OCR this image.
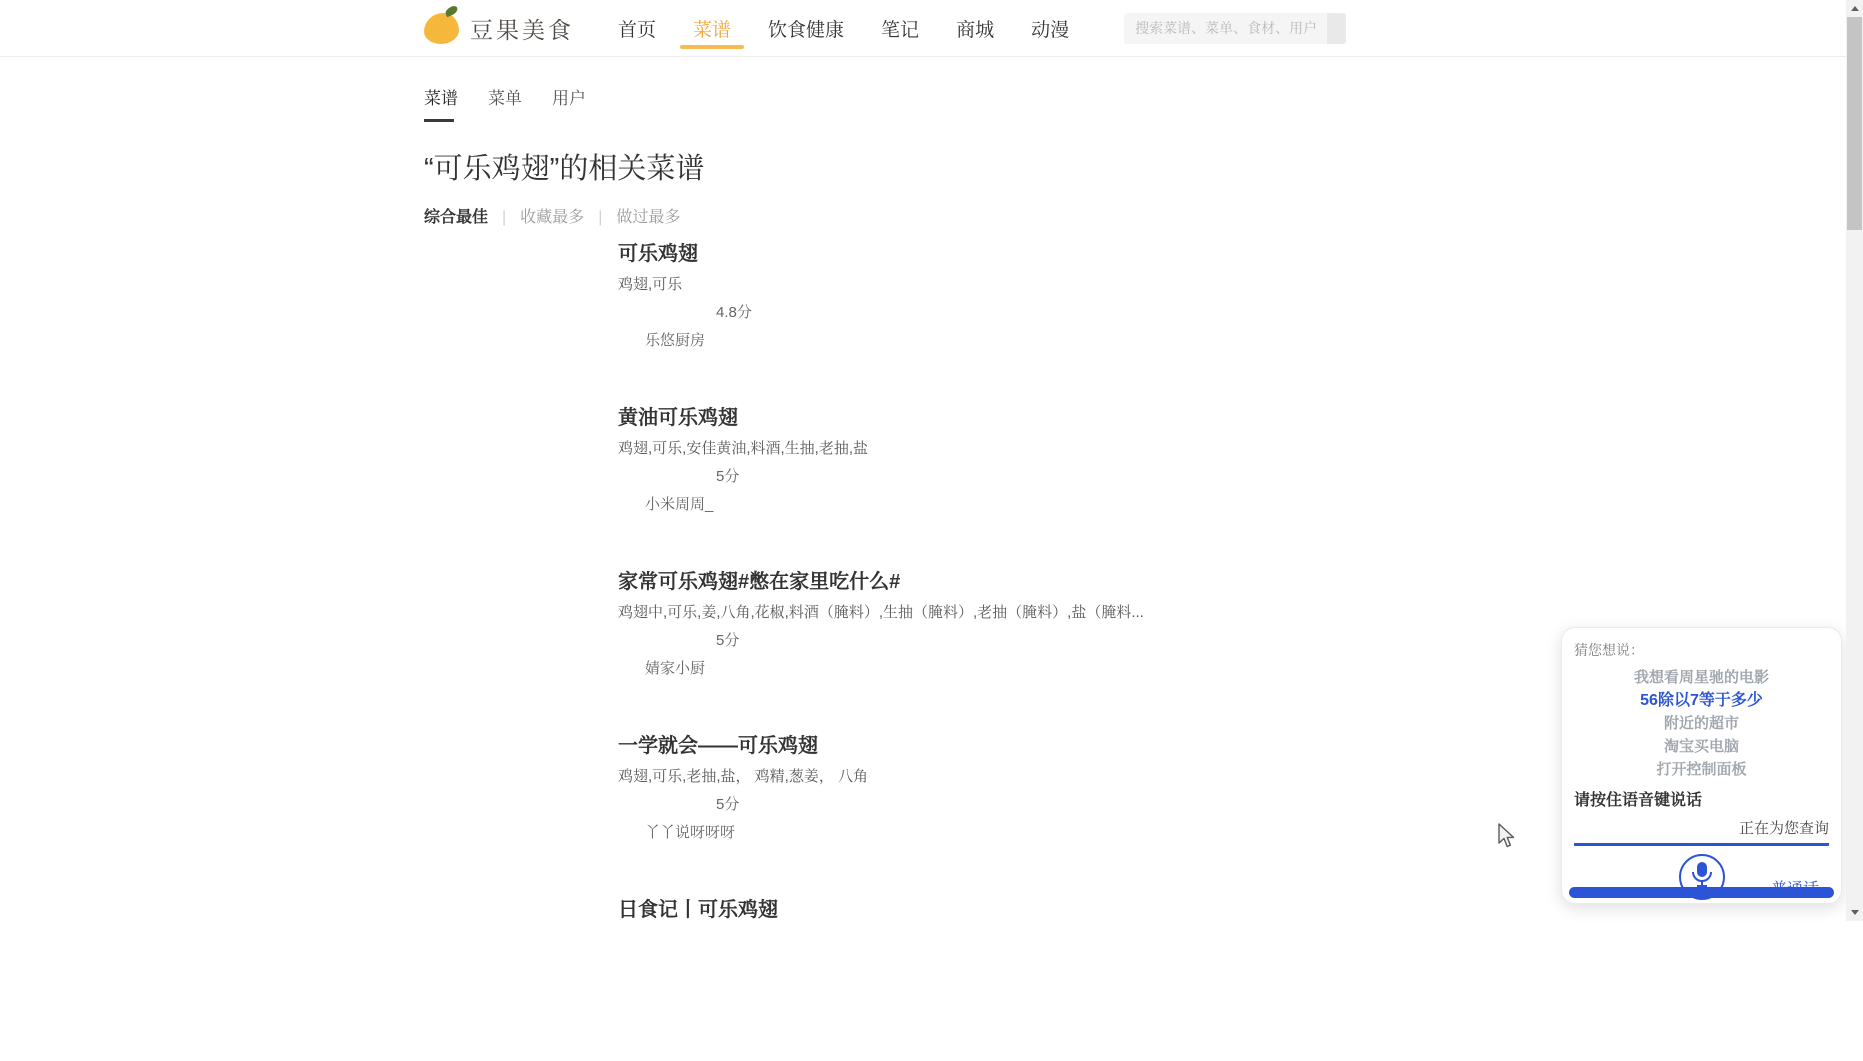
豆果美食 首页 菜谱 饮食健康 笔记 商城 动漫
搜索菜谱、菜单、食材、用户
菜谱 菜单 用户
“可乐鸡翅”的相关菜谱
综合最佳	| 收藏最多	| 做过最多
可乐鸡翅
鸡翅,可乐
4.8分
乐悠厨房
黄油可乐鸡翅
鸡翅,可乐,安佳黄油,料酒,生抽,老抽,盐
5分
小米周周_
家常可乐鸡翅#憋在家里吃什么#
鸡翅中,可乐,姜,八角,花椒,料酒（腌料）,生抽（腌料）,老抽（腌料）,盐（腌料...
5分
婧家小厨
一学就会——可乐鸡翅
鸡翅,可乐,老抽,盐， 鸡精,葱姜， 八角
5分
丫丫说呀呀呀
日食记丨可乐鸡翅
猜您想说：
我想看周星驰的电影
56除以7等于多少
附近的超市
淘宝买电脑
打开控制面板
请按住语音键说话
正在为您查询
